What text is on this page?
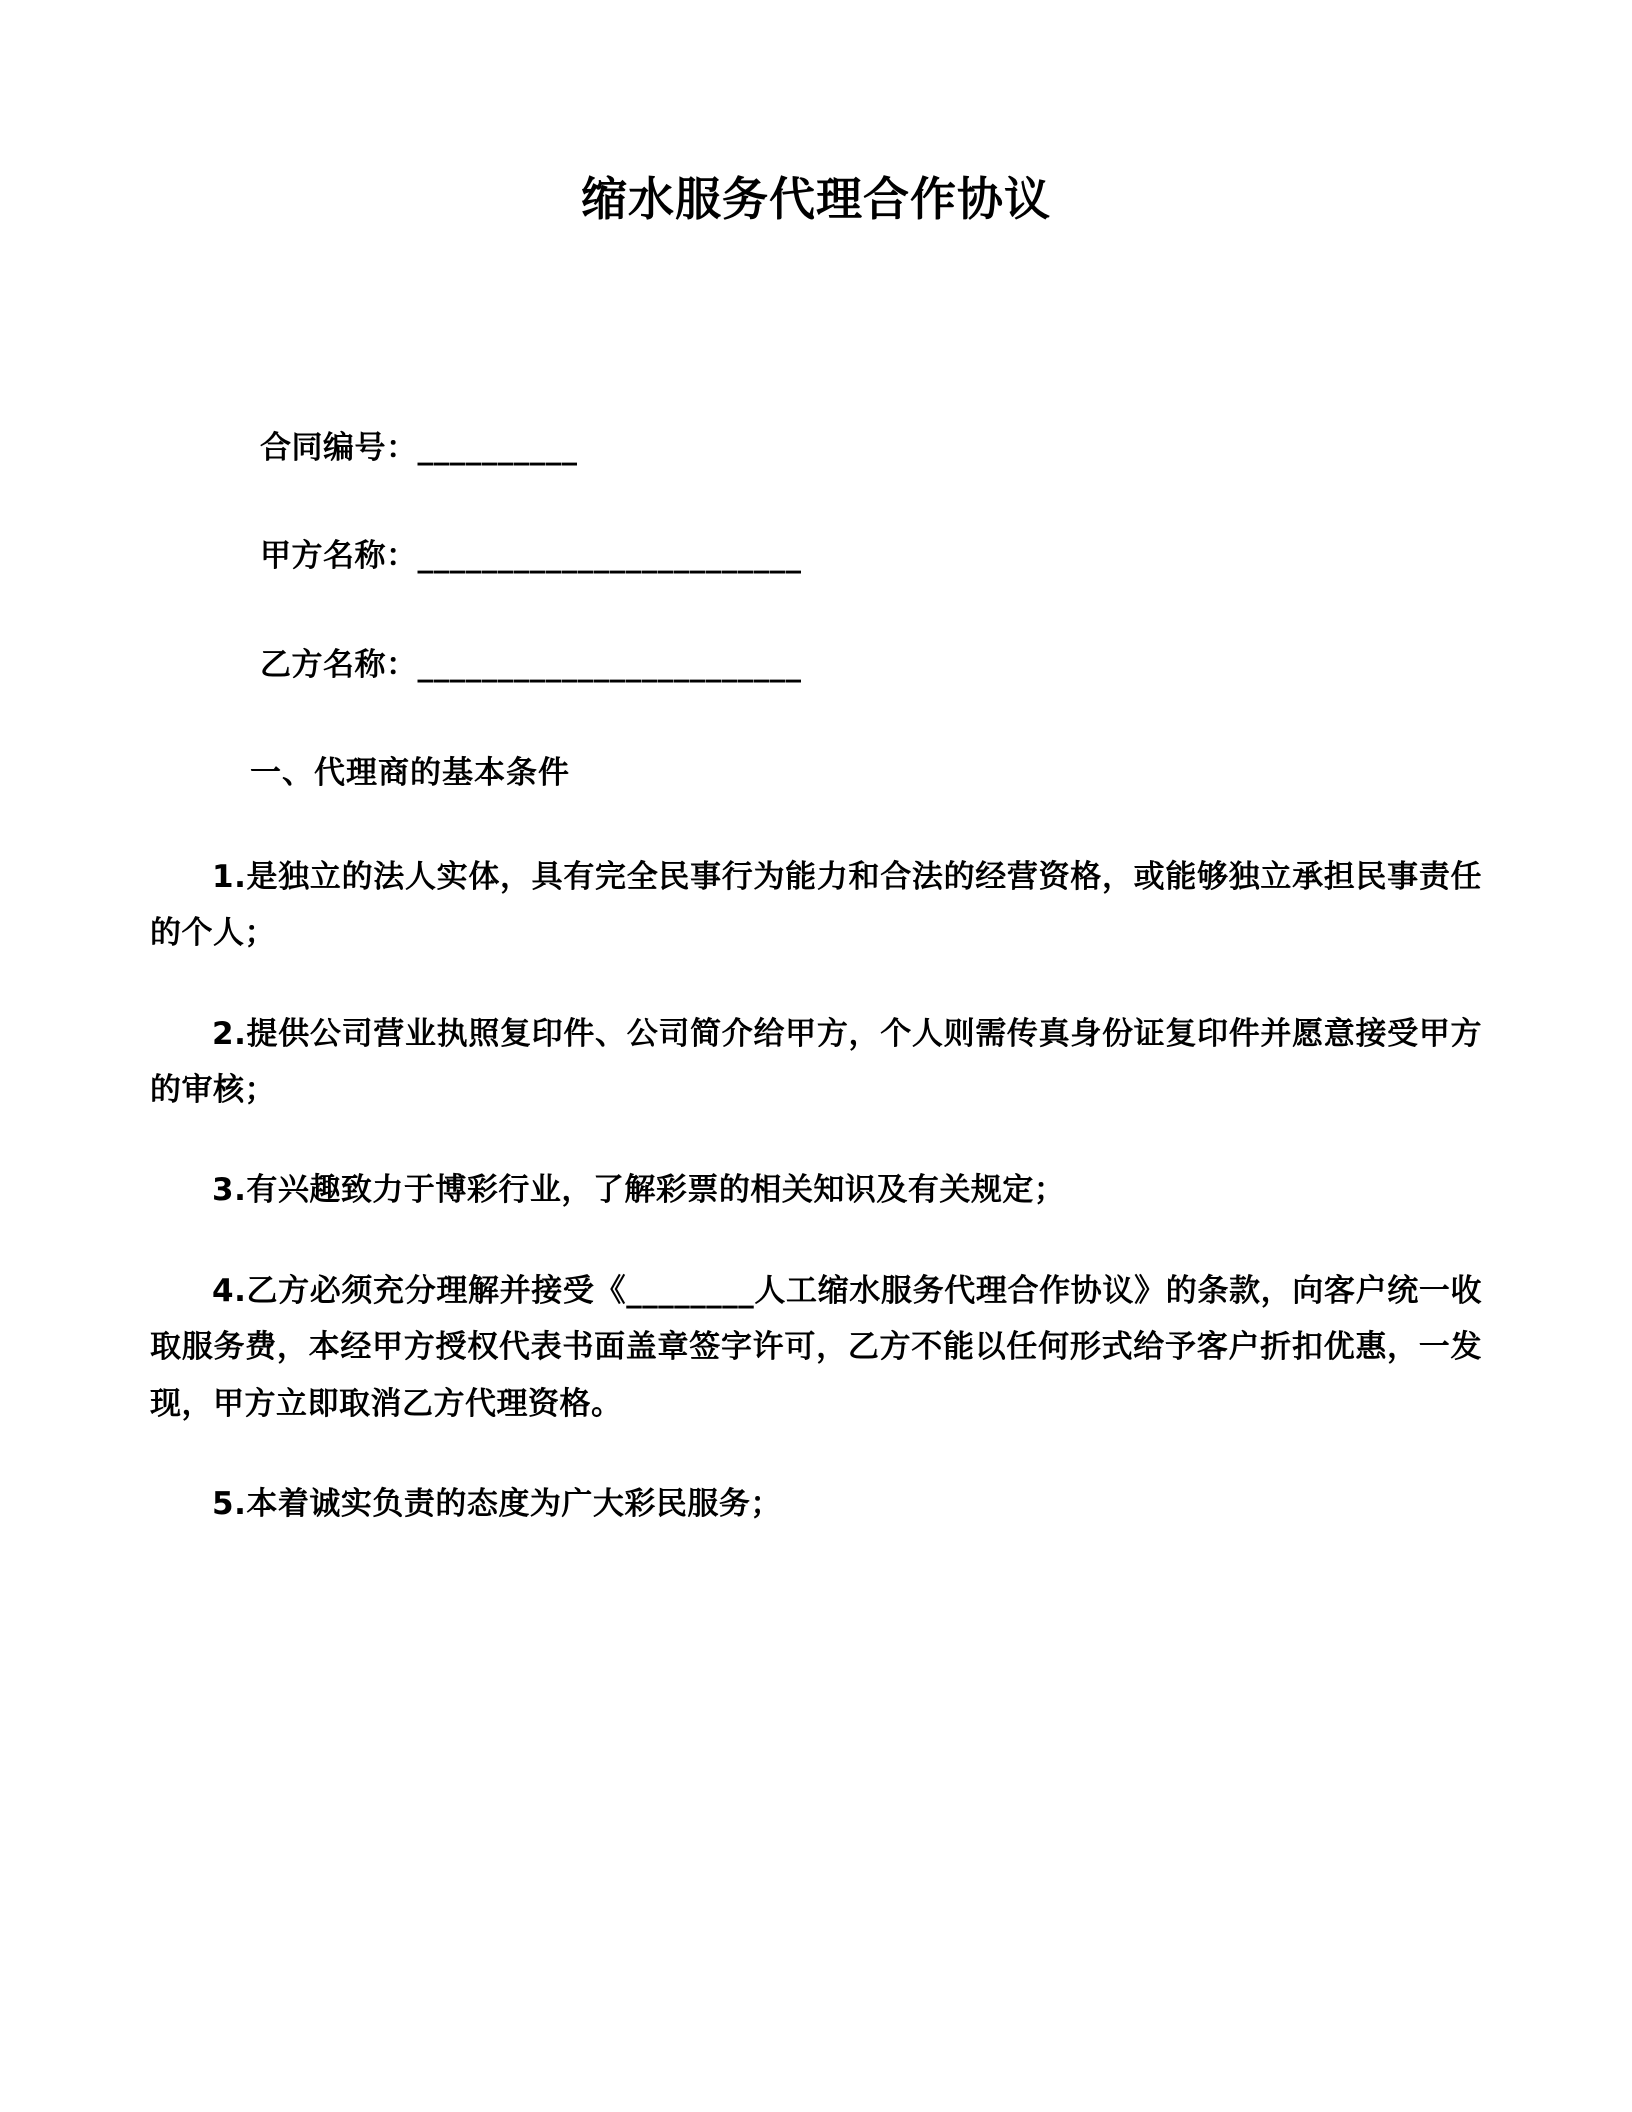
缩水服务代理合作协议
合同编号：__________
甲方名称：________________________
乙方名称：________________________
一、代理商的基本条件

1.是独立的法人实体，具有完全民事行为能力和合法的经营资格，或能够独立承担民事责任的个人；

2.提供公司营业执照复印件、公司简介给甲方，个人则需传真身份证复印件并愿意接受甲方的审核；

3.有兴趣致力于博彩行业，了解彩票的相关知识及有关规定；

4.乙方必须充分理解并接受《________人工缩水服务代理合作协议》的条款，向客户统一收取服务费，本经甲方授权代表书面盖章签字许可，乙方不能以任何形式给予客户折扣优惠，一发现，甲方立即取消乙方代理资格。

5.本着诚实负责的态度为广大彩民服务；
